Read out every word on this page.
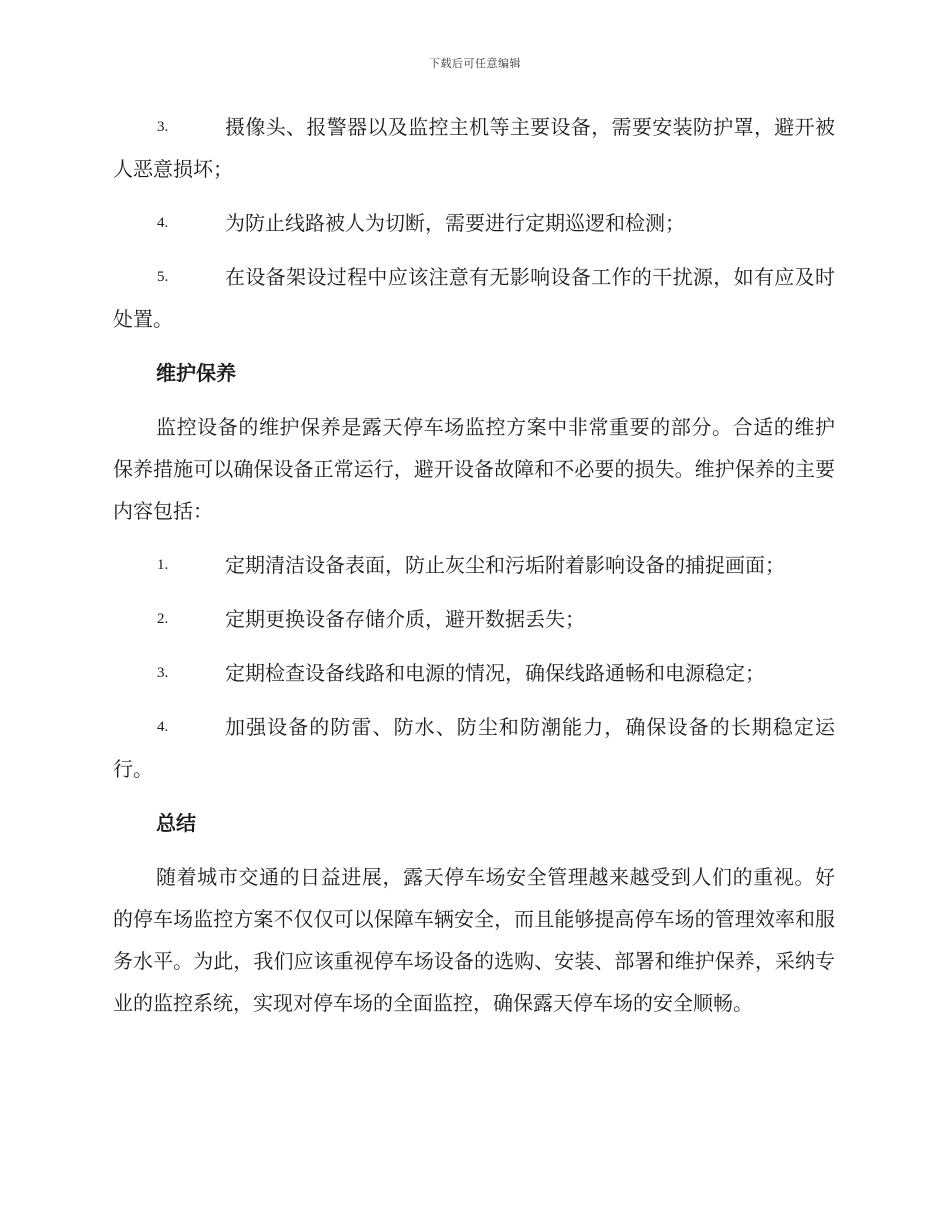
下载后可任意编辑
3.	摄像头、报警器以及监控主机等主要设备，需要安装防护罩，避开被人恶意损坏；
4.	为防止线路被人为切断，需要进行定期巡逻和检测；
5.	在设备架设过程中应该注意有无影响设备工作的干扰源，如有应及时处置。
维护保养
监控设备的维护保养是露天停车场监控方案中非常重要的部分。合适的维护保养措施可以确保设备正常运行，避开设备故障和不必要的损失。维护保养的主要内容包括：
1.	定期清洁设备表面，防止灰尘和污垢附着影响设备的捕捉画面；
2.	定期更换设备存储介质，避开数据丢失；
3.	定期检查设备线路和电源的情况，确保线路通畅和电源稳定；
4.	加强设备的防雷、防水、防尘和防潮能力，确保设备的长期稳定运行。
总结
随着城市交通的日益进展，露天停车场安全管理越来越受到人们的重视。好的停车场监控方案不仅仅可以保障车辆安全，而且能够提高停车场的管理效率和服务水平。为此，我们应该重视停车场设备的选购、安装、部署和维护保养，采纳专业的监控系统，实现对停车场的全面监控，确保露天停车场的安全顺畅。
